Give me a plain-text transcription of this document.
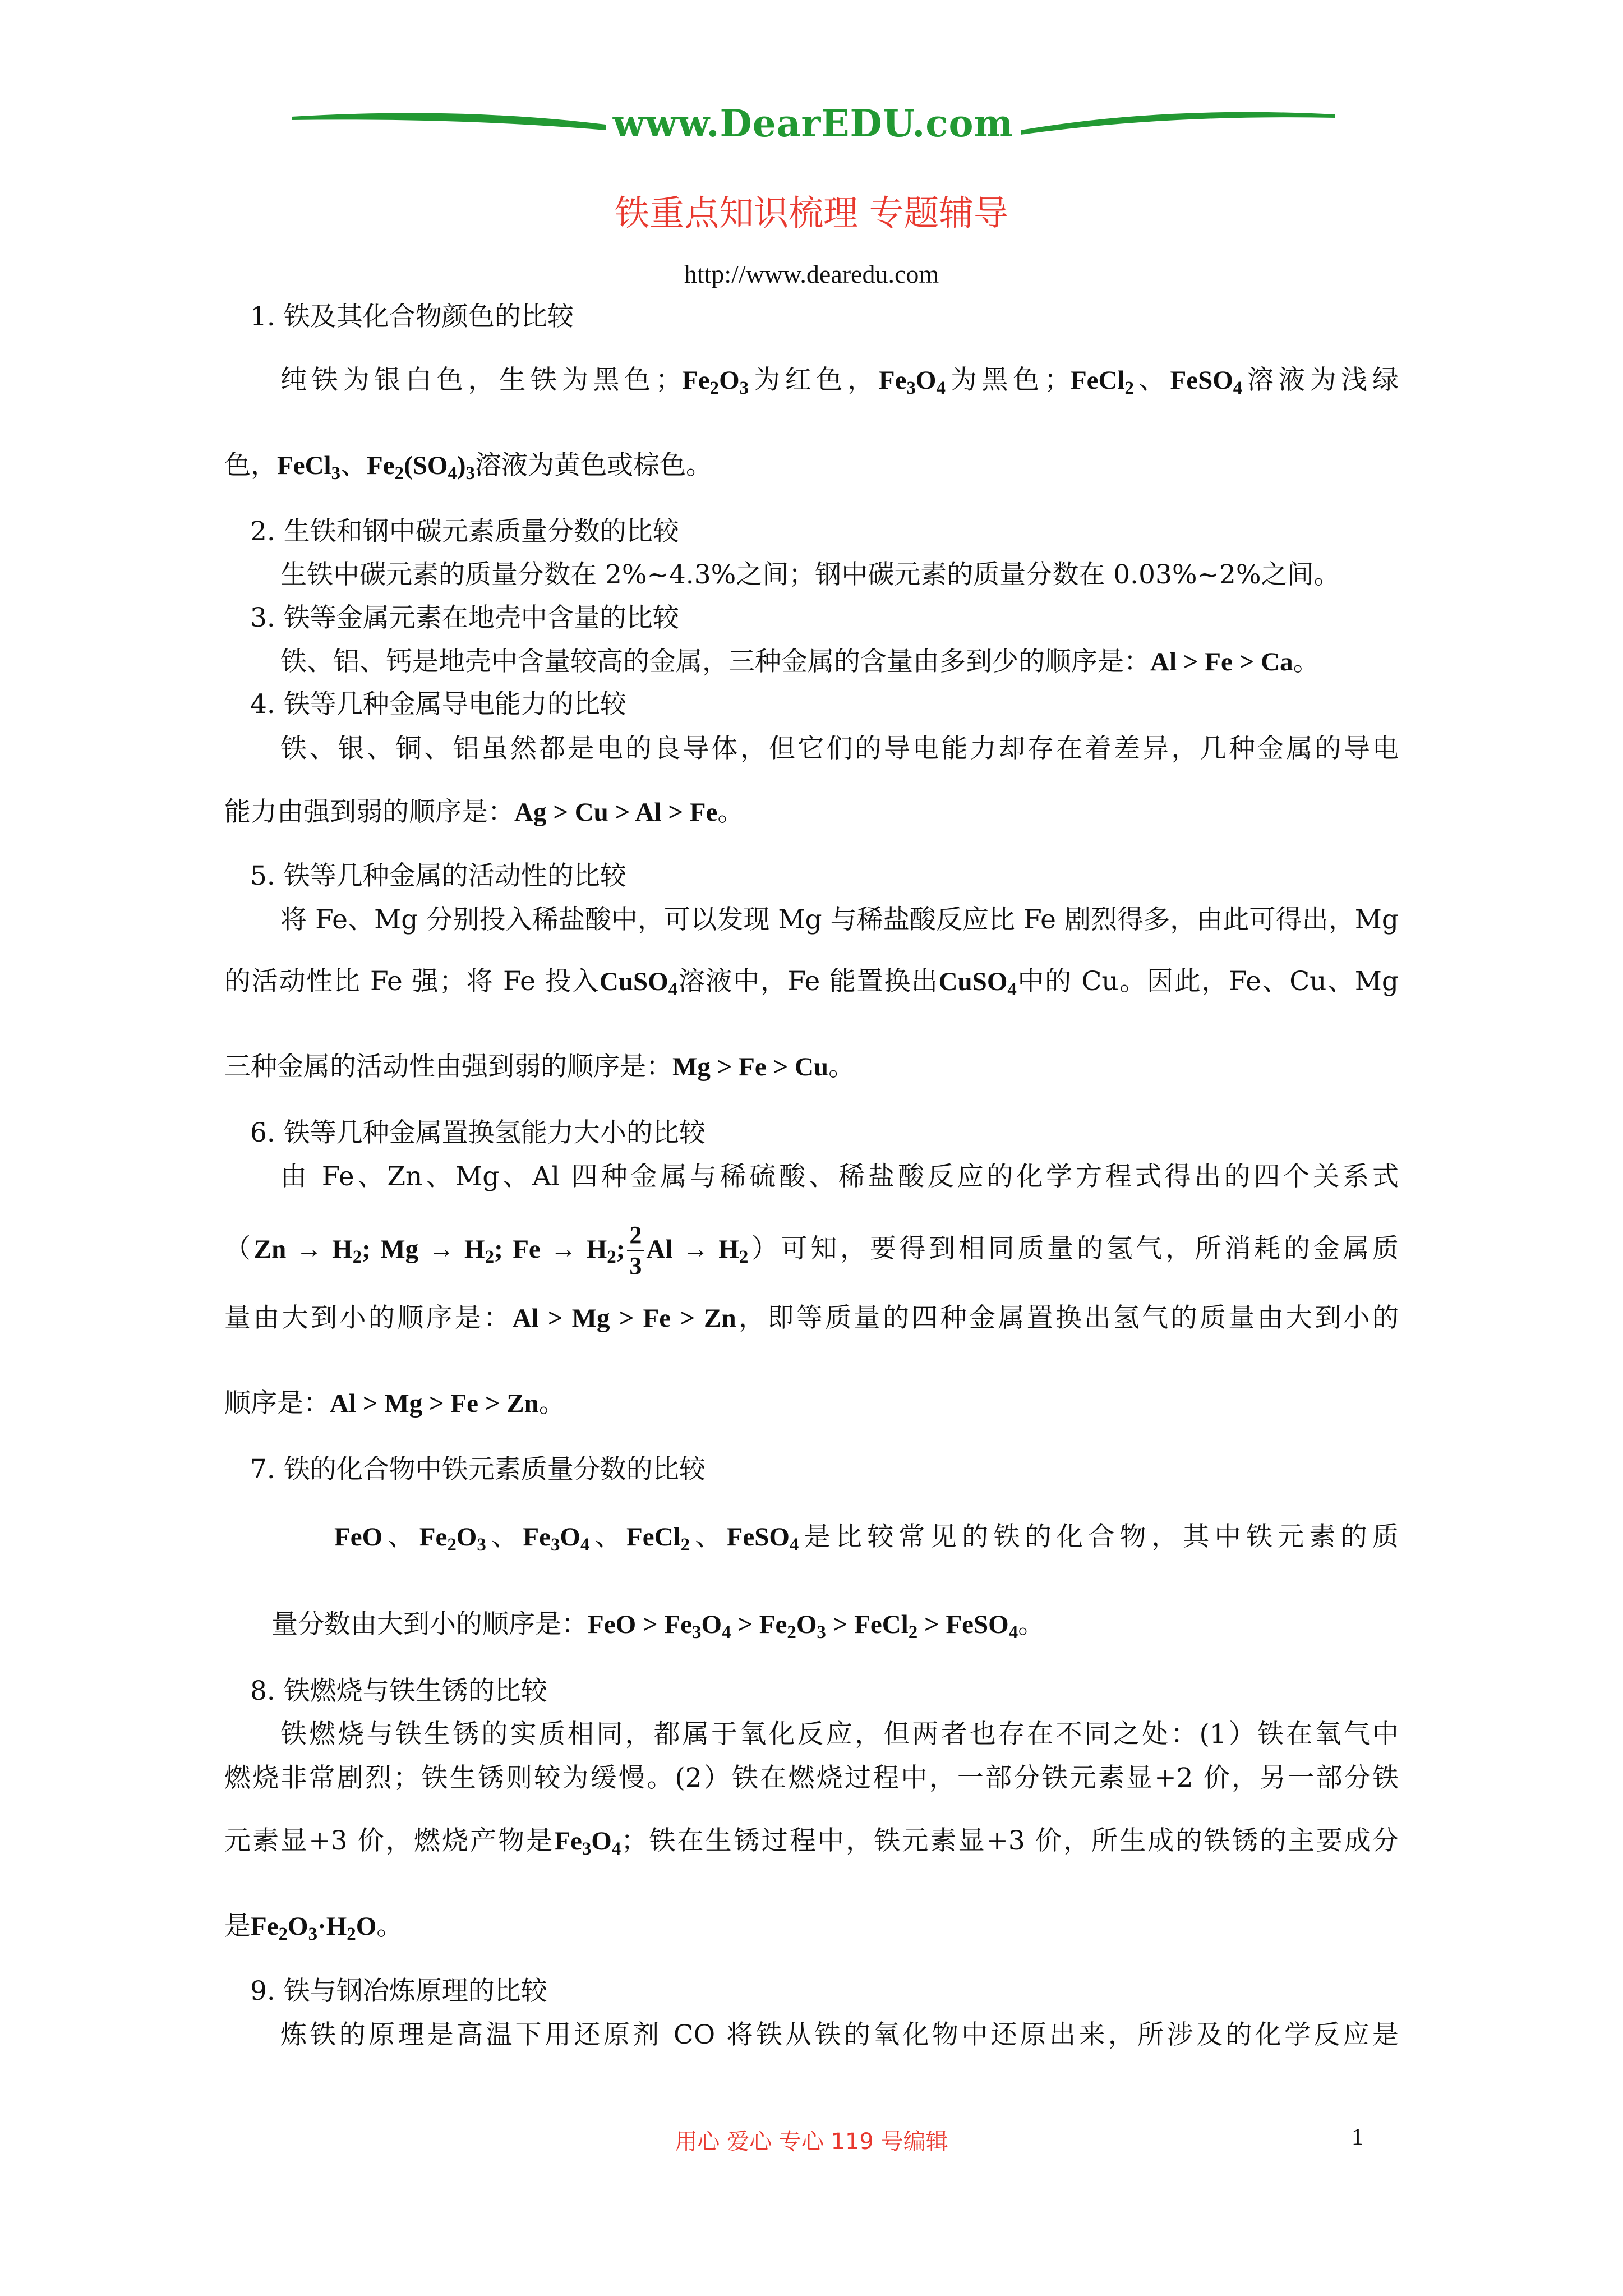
www.DearEDU.com
铁重点知识梳理 专题辅导
http://www.dearedu.com
1. 铁及其化合物颜色的比较
纯铁为银白色，生铁为黑色；$Fe_2O_3$为红色，$Fe_3O_4$为黑色；FeCl$_2$、FeSO$_4$溶液为浅绿
色，FeCl$_3$、$Fe_2(SO_4)_3$溶液为黄色或棕色。
2. 生铁和钢中碳元素质量分数的比较
生铁中碳元素的质量分数在 2%~4.3%之间；钢中碳元素的质量分数在 0.03%~2%之间。
3. 铁等金属元素在地壳中含量的比较
铁、铝、钙是地壳中含量较高的金属，三种金属的含量由多到少的顺序是：Al > Fe > Ca。
4. 铁等几种金属导电能力的比较
铁、银、铜、铝虽然都是电的良导体，但它们的导电能力却存在着差异，几种金属的导电
能力由强到弱的顺序是：Ag > Cu > Al > Fe。
5. 铁等几种金属的活动性的比较
将 Fe、Mg 分别投入稀盐酸中，可以发现 Mg 与稀盐酸反应比 Fe 剧烈得多，由此可得出，Mg
的活动性比 Fe 强；将 Fe 投入CuSO$_4$溶液中，Fe 能置换出CuSO$_4$中的 Cu。因此，Fe、Cu、Mg
三种金属的活动性由强到弱的顺序是：Mg > Fe > Cu。
6. 铁等几种金属置换氢能力大小的比较
由 Fe、Zn、Mg、Al 四种金属与稀硫酸、稀盐酸反应的化学方程式得出的四个关系式
（$Zn \to H_2$; $Mg \to H_2$; $Fe \to H_2$; $\frac{2}{3}$ $Al \to H_2$）可知，要得到相同质量的氢气，所消耗的金属质
量由大到小的顺序是：Al > Mg > Fe > Zn，即等质量的四种金属置换出氢气的质量由大到小的
顺序是：Al > Mg > Fe > Zn。
7. 铁的化合物中铁元素质量分数的比较
FeO、$Fe_2O_3$、$Fe_3O_4$、FeCl$_2$、FeSO$_4$是比较常见的铁的化合物，其中铁元素的质
量分数由大到小的顺序是：FeO > $Fe_3O_4 > Fe_2O_3$ > FeCl$_2$ > FeSO$_4$。
8. 铁燃烧与铁生锈的比较
铁燃烧与铁生锈的实质相同，都属于氧化反应，但两者也存在不同之处：(1）铁在氧气中
燃烧非常剧烈；铁生锈则较为缓慢。(2）铁在燃烧过程中，一部分铁元素显+2 价，另一部分铁
元素显+3 价，燃烧产物是$Fe_3O_4$；铁在生锈过程中，铁元素显+3 价，所生成的铁锈的主要成分
是$Fe_2O_3\cdot H_2O$。
9. 铁与钢冶炼原理的比较
炼铁的原理是高温下用还原剂 CO 将铁从铁的氧化物中还原出来，所涉及的化学反应是
用心 爱心 专心 119 号编辑	1
